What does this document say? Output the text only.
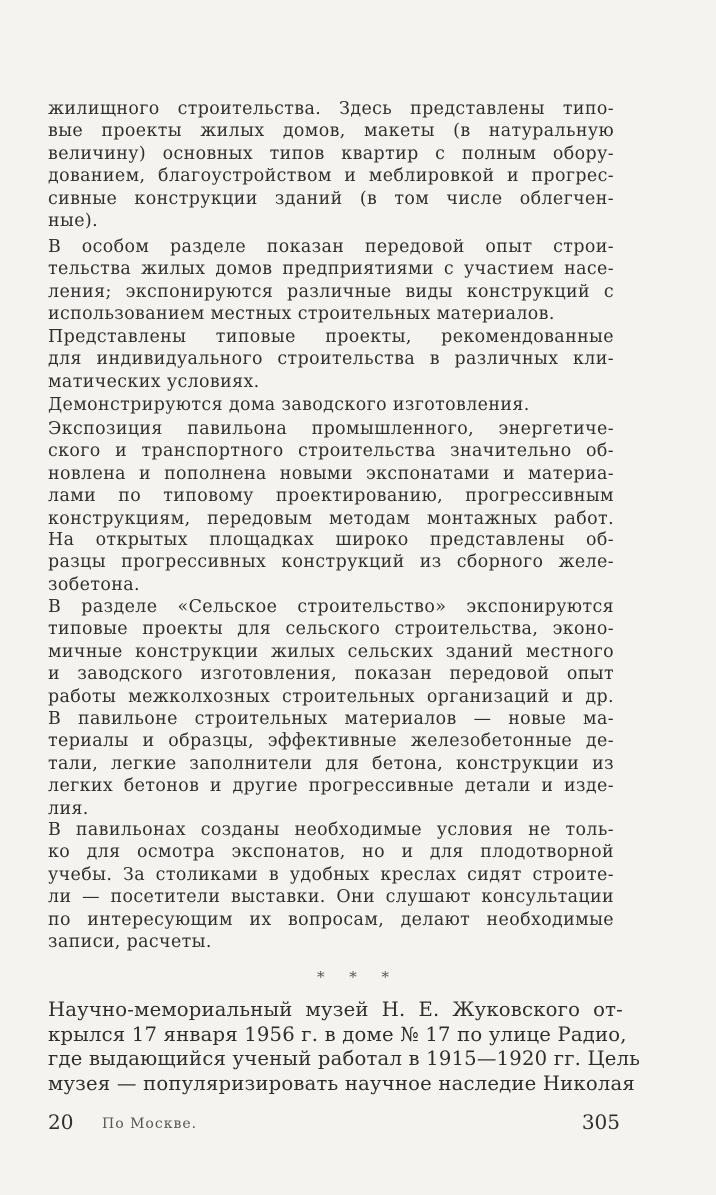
жилищного строительства. Здесь представлены типо-
вые проекты жилых домов, макеты (в натуральную
величину) основных типов квартир с полным обору-
дованием, благоустройством и меблировкой и прогрес-
сивные конструкции зданий (в том числе облегчен-
ные).
В особом разделе показан передовой опыт строи-
тельства жилых домов предприятиями с участием насе-
ления; экспонируются различные виды конструкций с
использованием местных строительных материалов.
Представлены типовые проекты, рекомендованные
для индивидуального строительства в различных кли-
матических условиях.
Демонстрируются дома заводского изготовления.
Экспозиция павильона промышленного, энергетиче-
ского и транспортного строительства значительно об-
новлена и пополнена новыми экспонатами и материа-
лами по типовому проектированию, прогрессивным
конструкциям, передовым методам монтажных работ.
На открытых площадках широко представлены об-
разцы прогрессивных конструкций из сборного желе-
зобетона.
В разделе «Сельское строительство» экспонируются
типовые проекты для сельского строительства, эконо-
мичные конструкции жилых сельских зданий местного
и заводского изготовления, показан передовой опыт
работы межколхозных строительных организаций и др.
В павильоне строительных материалов — новые ма-
териалы и образцы, эффективные железобетонные де-
тали, легкие заполнители для бетона, конструкции из
легких бетонов и другие прогрессивные детали и изде-
лия.
В павильонах созданы необходимые условия не толь-
ко для осмотра экспонатов, но и для плодотворной
учебы. За столиками в удобных креслах сидят строите-
ли — посетители выставки. Они слушают консультации
по интересующим их вопросам, делают необходимые
записи, расчеты.
* * *
Научно-мемориальный музей Н. Е. Жуковского от-
крылся 17 января 1956 г. в доме № 17 по улице Радио,
где выдающийся ученый работал в 1915—1920 гг. Цель
музея — популяризировать научное наследие Николая
20 По Москве.	305
